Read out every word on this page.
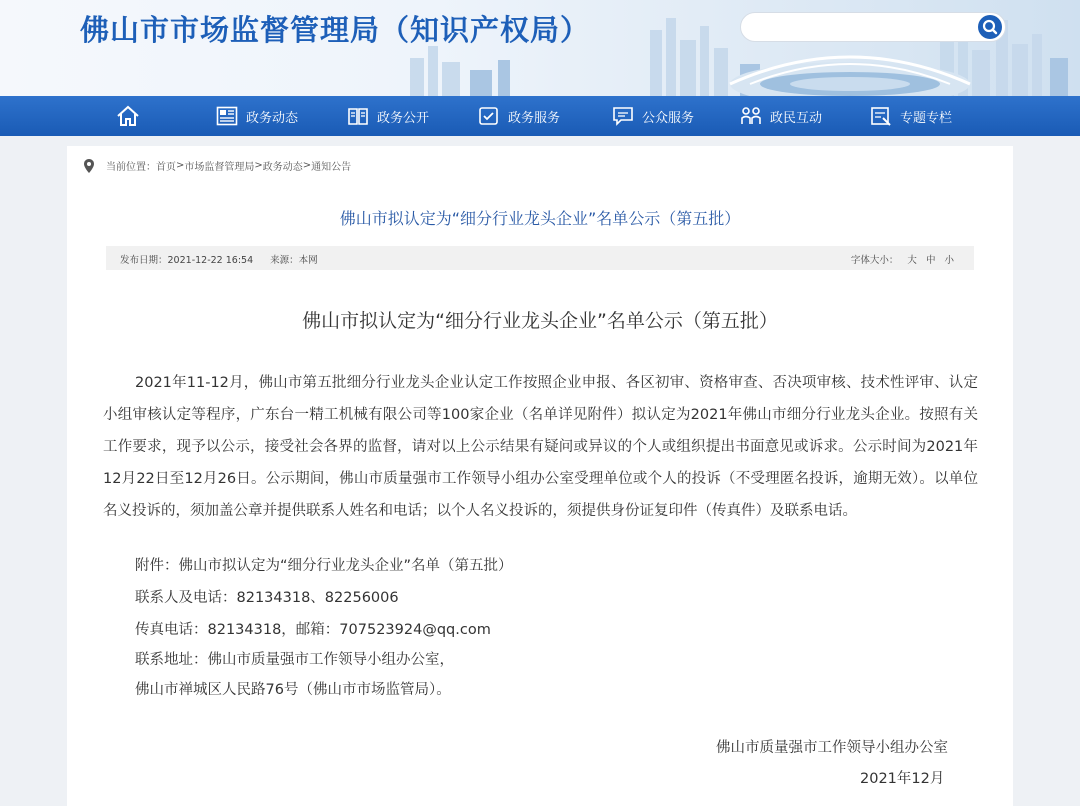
佛山市市场监督管理局（知识产权局）
政务动态	政务公开	政务服务	公众服务	政民互动	专题专栏
当前位置： 首页 > 市场监督管理局 > 政务动态 > 通知公告
佛山市拟认定为“细分行业龙头企业”名单公示（第五批）
发布日期：2021-12-22 16:54 来源：本网	字体大小： 大 中 小
佛山市拟认定为“细分行业龙头企业”名单公示（第五批）
2021年11-12月，佛山市第五批细分行业龙头企业认定工作按照企业申报、各区初审、资格审查、否决项审核、技术性评审、认定小组审核认定等程序，广东台一精工机械有限公司等100家企业（名单详见附件）拟认定为2021年佛山市细分行业龙头企业。按照有关工作要求，现予以公示，接受社会各界的监督，请对以上公示结果有疑问或异议的个人或组织提出书面意见或诉求。公示时间为2021年12月22日至12月26日。公示期间，佛山市质量强市工作领导小组办公室受理单位或个人的投诉（不受理匿名投诉，逾期无效）。以单位名义投诉的，须加盖公章并提供联系人姓名和电话；以个人名义投诉的，须提供身份证复印件（传真件）及联系电话。
附件：佛山市拟认定为“细分行业龙头企业”名单（第五批）
联系人及电话：82134318、82256006
传真电话：82134318，邮箱：707523924@qq.com
联系地址：佛山市质量强市工作领导小组办公室，
佛山市禅城区人民路76号（佛山市市场监管局）。
佛山市质量强市工作领导小组办公室
2021年12月
